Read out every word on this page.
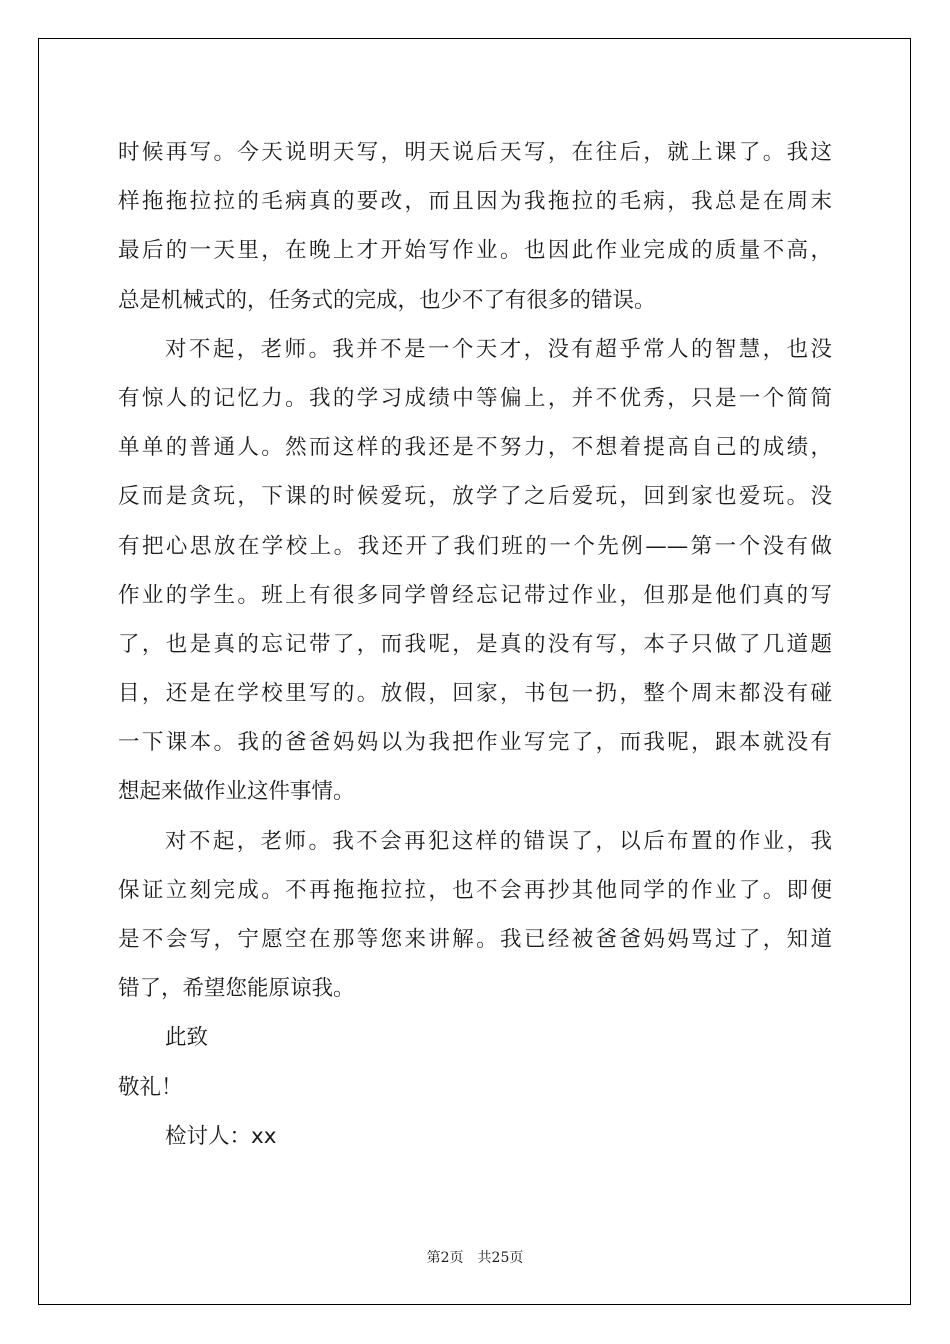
时候再写。今天说明天写，明天说后天写，在往后，就上课了。我这
样拖拖拉拉的毛病真的要改，而且因为我拖拉的毛病，我总是在周末
最后的一天里，在晚上才开始写作业。也因此作业完成的质量不高，
总是机械式的，任务式的完成，也少不了有很多的错误。
对不起，老师。我并不是一个天才，没有超乎常人的智慧，也没
有惊人的记忆力。我的学习成绩中等偏上，并不优秀，只是一个简简
单单的普通人。然而这样的我还是不努力，不想着提高自己的成绩，
反而是贪玩，下课的时候爱玩，放学了之后爱玩，回到家也爱玩。没
有把心思放在学校上。我还开了我们班的一个先例——第一个没有做
作业的学生。班上有很多同学曾经忘记带过作业，但那是他们真的写
了，也是真的忘记带了，而我呢，是真的没有写，本子只做了几道题
目，还是在学校里写的。放假，回家，书包一扔，整个周末都没有碰
一下课本。我的爸爸妈妈以为我把作业写完了，而我呢，跟本就没有
想起来做作业这件事情。
对不起，老师。我不会再犯这样的错误了，以后布置的作业，我
保证立刻完成。不再拖拖拉拉，也不会再抄其他同学的作业了。即便
是不会写，宁愿空在那等您来讲解。我已经被爸爸妈妈骂过了，知道
错了，希望您能原谅我。
此致
敬礼！
检讨人：xx
第2页 共25页
